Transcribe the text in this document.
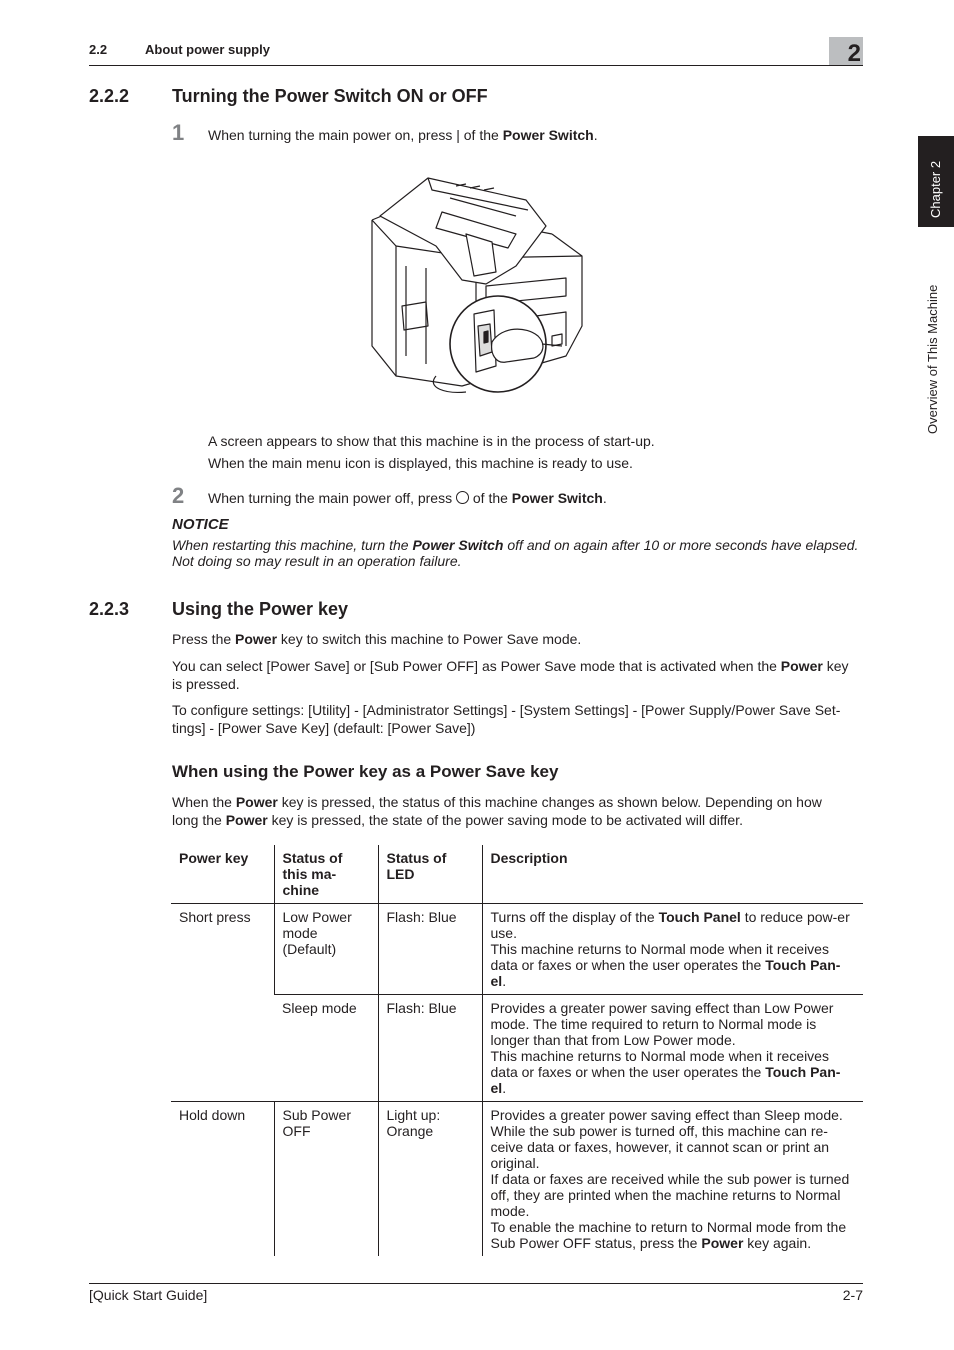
2.2	About power supply	2
Chapter 2
Overview of This Machine
2.2.2 Turning the Power Switch ON or OFF
1 When turning the main power on, press | of the Power Switch.
A screen appears to show that this machine is in the process of start-up.
When the main menu icon is displayed, this machine is ready to use.
2 When turning the main power off, press  of the Power Switch.
NOTICE
When restarting this machine, turn the Power Switch off and on again after 10 or more seconds have elapsed.
Not doing so may result in an operation failure.
2.2.3 Using the Power key
Press the Power key to switch this machine to Power Save mode.
You can select [Power Save] or [Sub Power OFF] as Power Save mode that is activated when the Power key
is pressed.
To configure settings: [Utility] - [Administrator Settings] - [System Settings] - [Power Supply/Power Save Set-
tings] - [Power Save Key] (default: [Power Save])
When using the Power key as a Power Save key
When the Power key is pressed, the status of this machine changes as shown below. Depending on how
long the Power key is pressed, the state of the power saving mode to be activated will differ.
Power key	Status of this ma-chine	Status of LED	Description
Short press	Low Power mode (Default)	Flash: Blue	Turns off the display of the Touch Panel to reduce pow-er use.
This machine returns to Normal mode when it receives data or faxes or when the user operates the Touch Pan-el.
	Sleep mode	Flash: Blue	Provides a greater power saving effect than Low Power mode. The time required to return to Normal mode is longer than that from Low Power mode.
This machine returns to Normal mode when it receives data or faxes or when the user operates the Touch Pan-el.
Hold down	Sub Power OFF	Light up: Orange	Provides a greater power saving effect than Sleep mode. While the sub power is turned off, this machine can re-ceive data or faxes, however, it cannot scan or print an original.
If data or faxes are received while the sub power is turned off, they are printed when the machine returns to Normal mode.
To enable the machine to return to Normal mode from the Sub Power OFF status, press the Power key again.
[Quick Start Guide]	2-7
